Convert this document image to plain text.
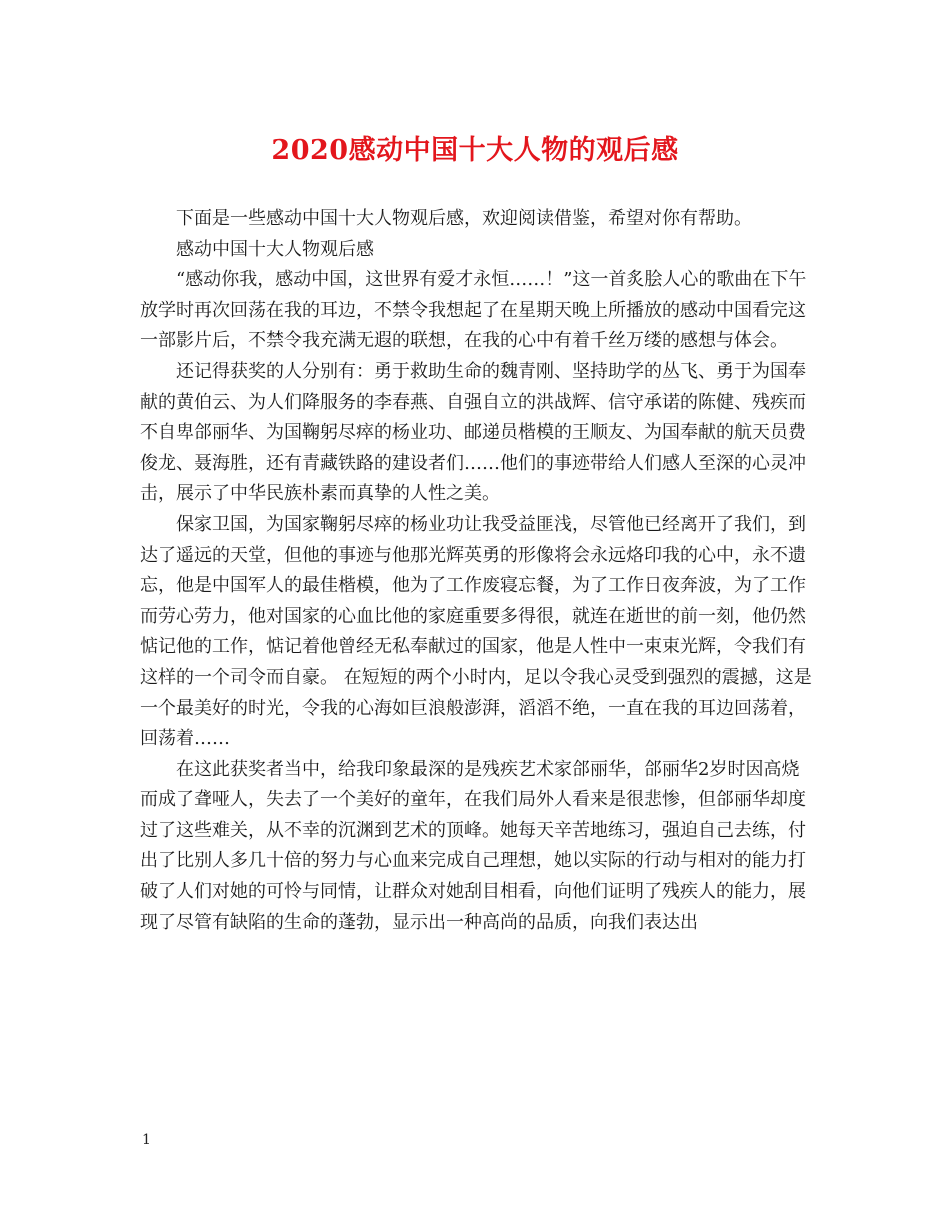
2020感动中国十大人物的观后感

下面是一些感动中国十大人物观后感，欢迎阅读借鉴，希望对你有帮助。

感动中国十大人物观后感

“感动你我，感动中国，这世界有爱才永恒……！”这一首炙脍人心的歌曲在下午放学时再次回荡在我的耳边，不禁令我想起了在星期天晚上所播放的感动中国看完这一部影片后，不禁令我充满无遐的联想，在我的心中有着千丝万缕的感想与体会。

还记得获奖的人分别有：勇于救助生命的魏青刚、坚持助学的丛飞、勇于为国奉献的黄伯云、为人们降服务的李春燕、自强自立的洪战辉、信守承诺的陈健、残疾而不自卑郃丽华、为国鞠躬尽瘁的杨业功、邮递员楷模的王顺友、为国奉献的航天员费俊龙、聂海胜，还有青藏铁路的建设者们……他们的事迹带给人们感人至深的心灵冲击，展示了中华民族朴素而真挚的人性之美。

保家卫国，为国家鞠躬尽瘁的杨业功让我受益匪浅，尽管他已经离开了我们，到达了遥远的天堂，但他的事迹与他那光辉英勇的形像将会永远烙印我的心中，永不遗忘，他是中国军人的最佳楷模，他为了工作废寝忘餐，为了工作日夜奔波，为了工作而劳心劳力，他对国家的心血比他的家庭重要多得很，就连在逝世的前一刻，他仍然惦记他的工作，惦记着他曾经无私奉献过的国家，他是人性中一束束光辉，令我们有这样的一个司令而自豪。 在短短的两个小时内，足以令我心灵受到强烈的震撼，这是一个最美好的时光，令我的心海如巨浪般澎湃，滔滔不绝，一直在我的耳边回荡着，回荡着……

在这此获奖者当中，给我印象最深的是残疾艺术家郃丽华，郃丽华2岁时因高烧而成了聋哑人，失去了一个美好的童年，在我们局外人看来是很悲惨，但郃丽华却度过了这些难关，从不幸的沉渊到艺术的顶峰。她每天辛苦地练习，强迫自己去练，付出了比别人多几十倍的努力与心血来完成自己理想，她以实际的行动与相对的能力打破了人们对她的可怜与同情，让群众对她刮目相看，向他们证明了残疾人的能力，展现了尽管有缺陷的生命的蓬勃，显示出一种高尚的品质，向我们表达出

1
